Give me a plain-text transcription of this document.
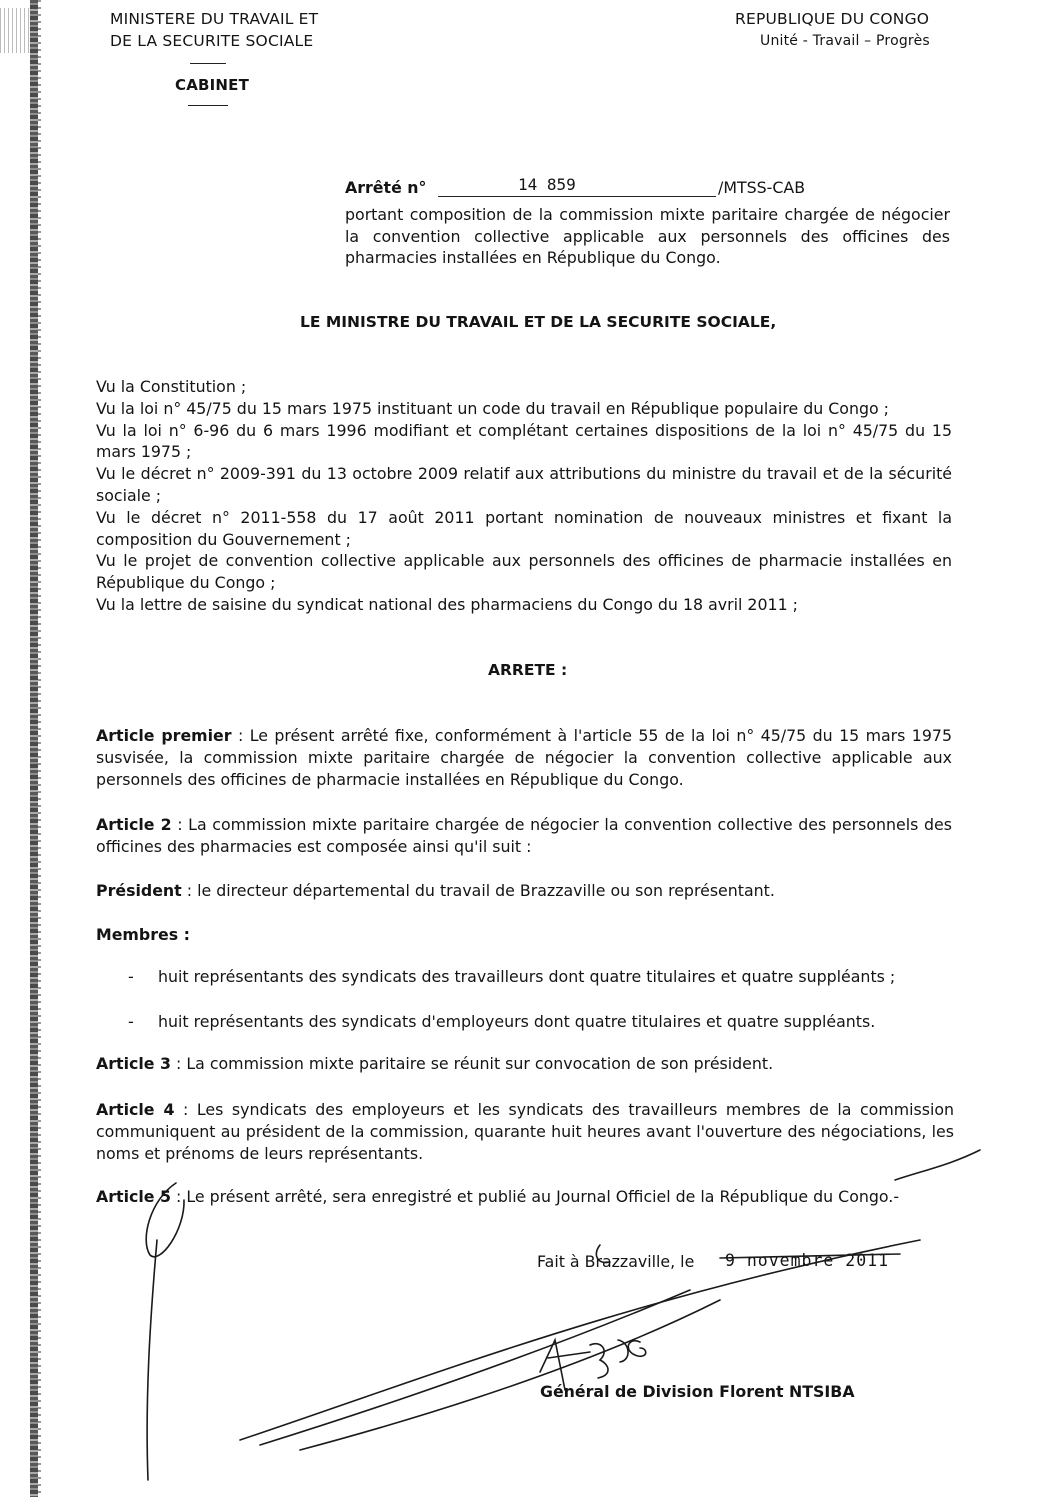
MINISTERE DU TRAVAIL ET
DE LA SECURITE SOCIALE
CABINET
REPUBLIQUE DU CONGO
Unité - Travail – Progrès
Arrêté n°	14 859	/MTSS-CAB

portant composition de la commission mixte paritaire chargée de négocier la convention collective applicable aux personnels des officines des pharmacies installées en République du Congo.

LE MINISTRE DU TRAVAIL ET DE LA SECURITE SOCIALE,

Vu la Constitution ;

Vu la loi n° 45/75 du 15 mars 1975 instituant un code du travail en République populaire du Congo ;

Vu la loi n° 6-96 du 6 mars 1996 modifiant et complétant certaines dispositions de la loi n° 45/75 du 15 mars 1975 ;

Vu le décret n° 2009-391 du 13 octobre 2009 relatif aux attributions du ministre du travail et de la sécurité sociale ;

Vu le décret n° 2011-558 du 17 août 2011 portant nomination de nouveaux ministres et fixant la composition du Gouvernement ;

Vu le projet de convention collective applicable aux personnels des officines de pharmacie installées en République du Congo ;

Vu la lettre de saisine du syndicat national des pharmaciens du Congo du 18 avril 2011 ;

ARRETE :

Article premier : Le présent arrêté fixe, conformément à l'article 55 de la loi n° 45/75 du 15 mars 1975 susvisée, la commission mixte paritaire chargée de négocier la convention collective applicable aux personnels des officines de pharmacie installées en République du Congo.

Article 2 : La commission mixte paritaire chargée de négocier la convention collective des personnels des officines des pharmacies est composée ainsi qu'il suit :

Président : le directeur départemental du travail de Brazzaville ou son représentant.

Membres :
- huit représentants des syndicats des travailleurs dont quatre titulaires et quatre suppléants ;
- huit représentants des syndicats d'employeurs dont quatre titulaires et quatre suppléants.

Article 3 : La commission mixte paritaire se réunit sur convocation de son président.

Article 4 : Les syndicats des employeurs et les syndicats des travailleurs membres de la commission communiquent au président de la commission, quarante huit heures avant l'ouverture des négociations, les noms et prénoms de leurs représentants.

Article 5 : Le présent arrêté, sera enregistré et publié au Journal Officiel de la République du Congo.-

Fait à Brazzaville, le 9 novembre 2011
Général de Division Florent NTSIBA
